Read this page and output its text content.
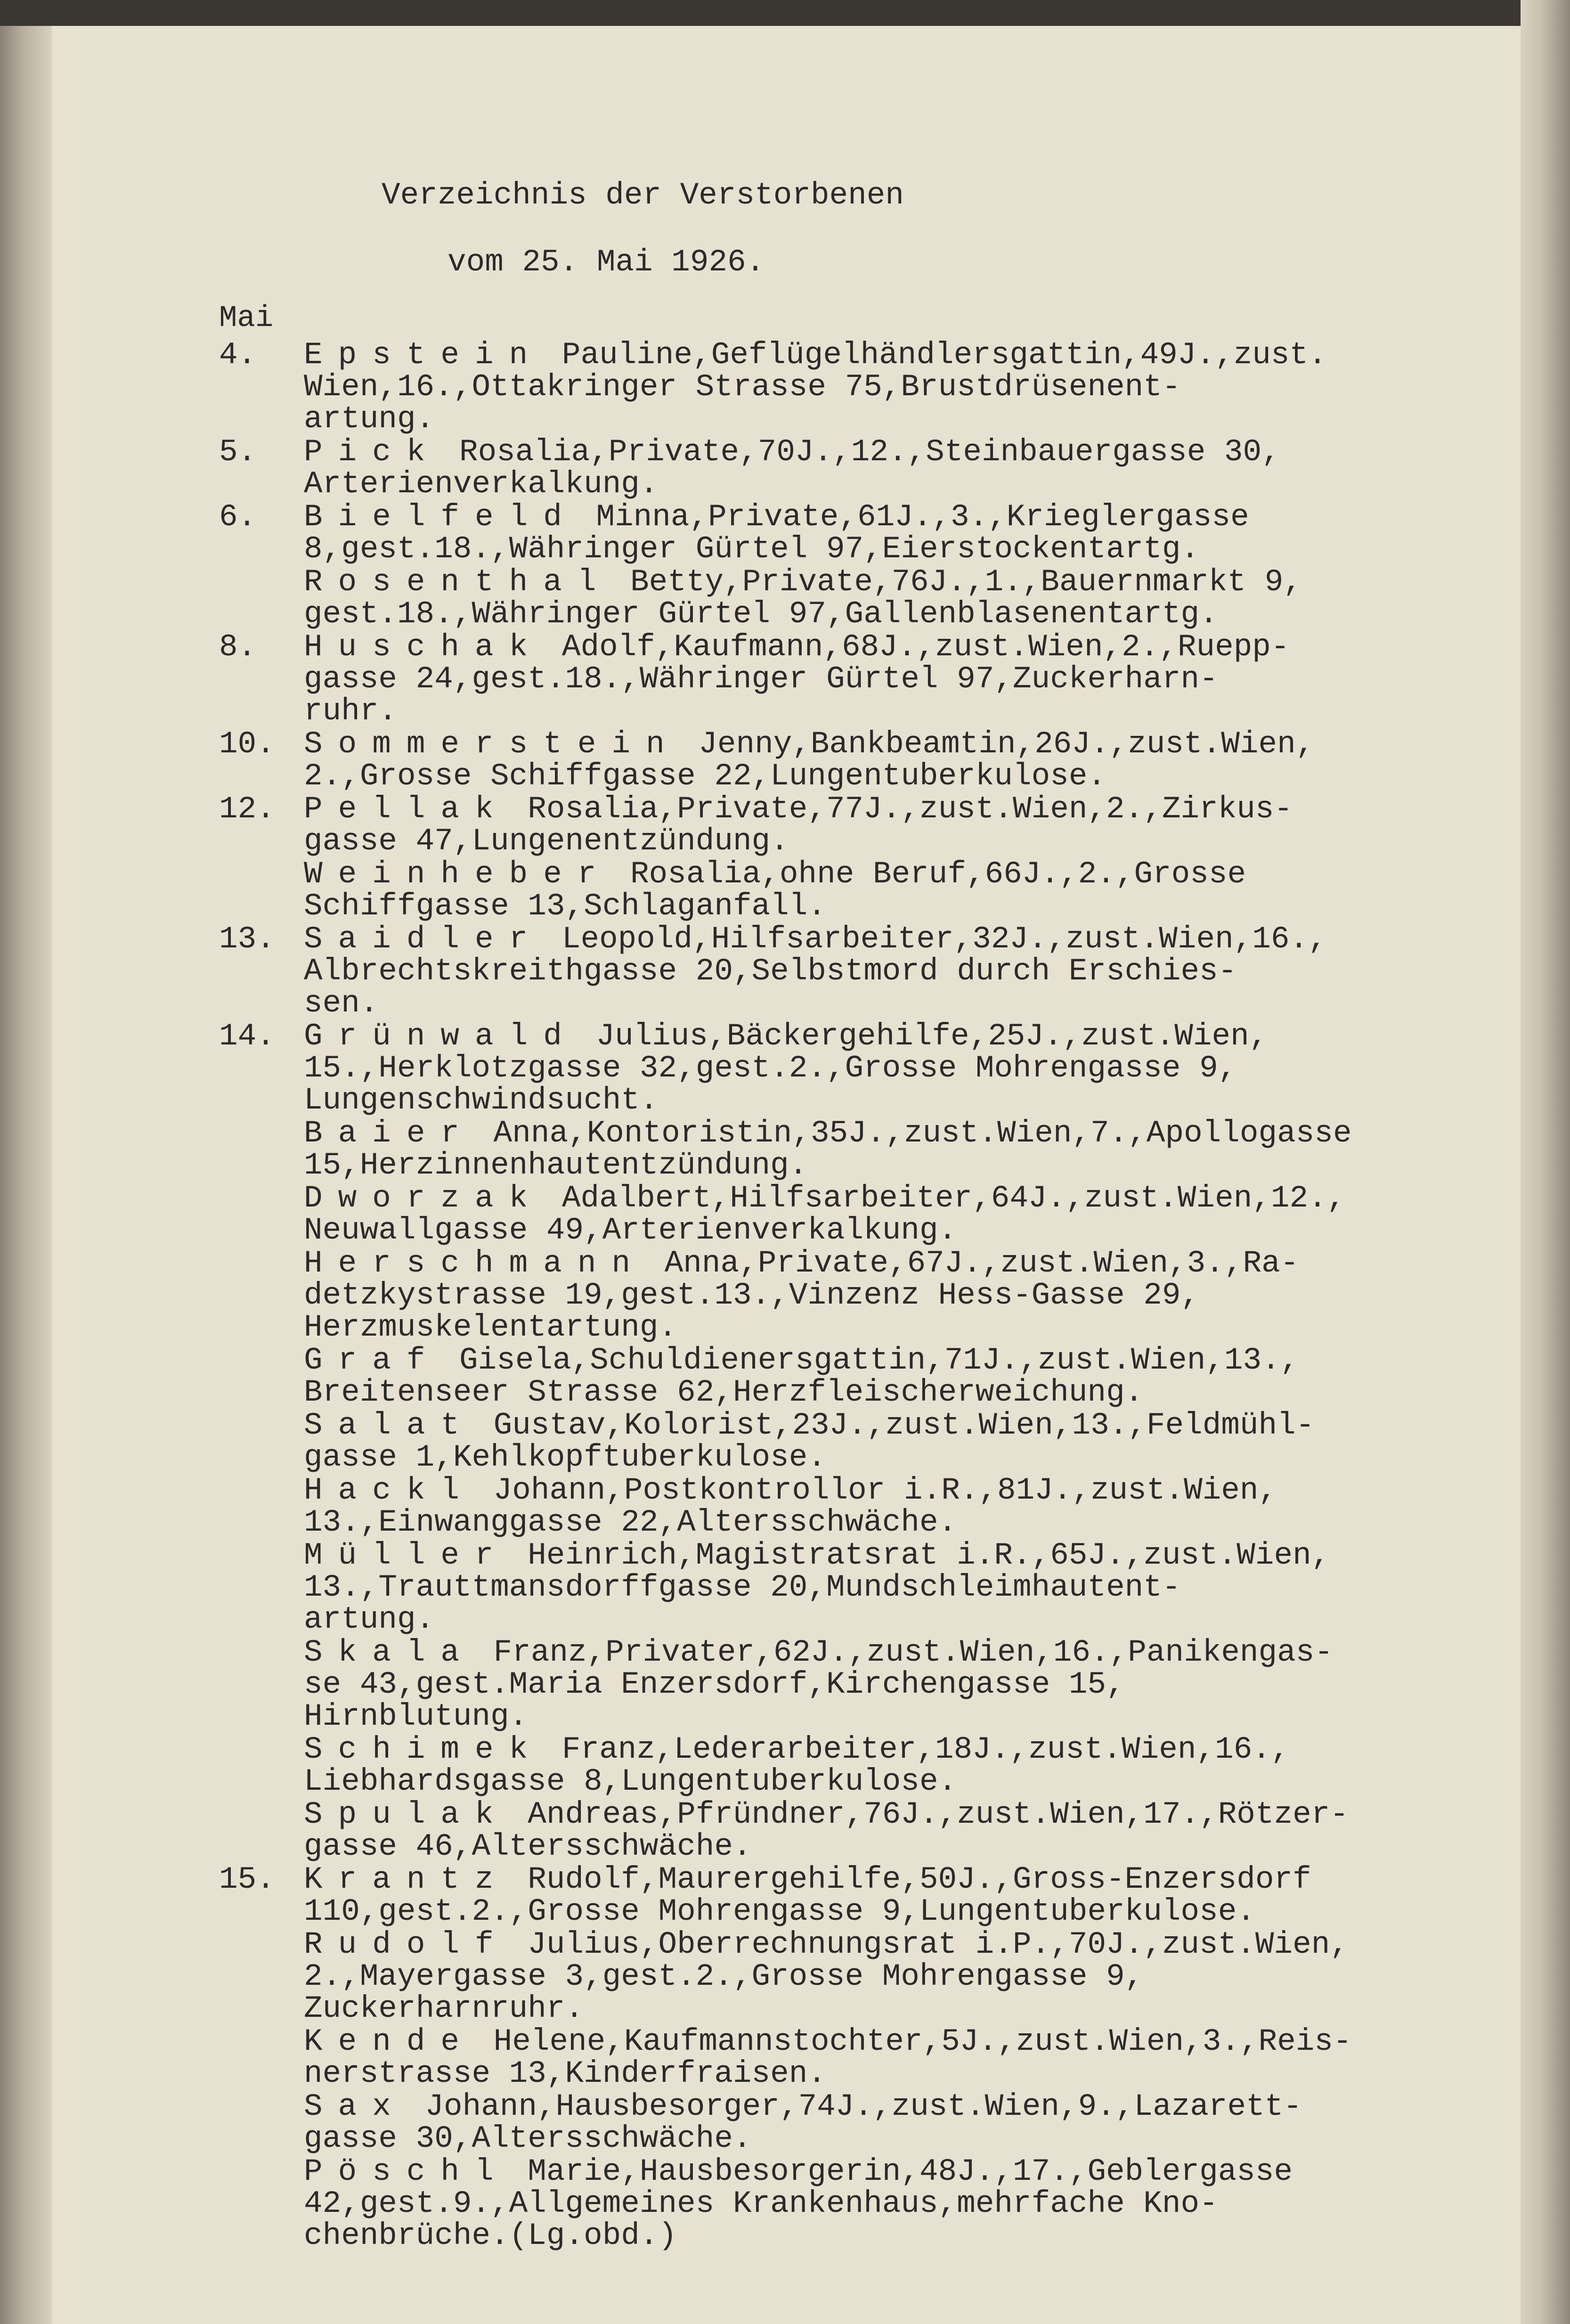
Verzeichnis der Verstorbenen
vom 25. Mai 1926.
Mai
4.	Epstein Pauline,Geflügelhändlersgattin,49J.,zust.
Wien,16.,Ottakringer Strasse 75,Brustdrüsenent-
artung.
5.	Pick Rosalia,Private,70J.,12.,Steinbauergasse 30,
Arterienverkalkung.
6.	Bielfeld Minna,Private,61J.,3.,Krieglergasse
8,gest.18.,Währinger Gürtel 97,Eierstockentartg.
Rosenthal Betty,Private,76J.,1.,Bauernmarkt 9,
gest.18.,Währinger Gürtel 97,Gallenblasenentartg.
8.	Huschak Adolf,Kaufmann,68J.,zust.Wien,2.,Ruepp-
gasse 24,gest.18.,Währinger Gürtel 97,Zuckerharn-
ruhr.
10. Sommerstein Jenny,Bankbeamtin,26J.,zust.Wien,
2.,Grosse Schiffgasse 22,Lungentuberkulose.
12. Pellak Rosalia,Private,77J.,zust.Wien,2.,Zirkus-
gasse 47,Lungenentzündung.
Weinheber Rosalia,ohne Beruf,66J.,2.,Grosse
Schiffgasse 13,Schlaganfall.
13. Saidler Leopold,Hilfsarbeiter,32J.,zust.Wien,16.,
Albrechtskreithgasse 20,Selbstmord durch Erschies-
sen.
14. Grünwald Julius,Bäckergehilfe,25J.,zust.Wien,
15.,Herklotzgasse 32,gest.2.,Grosse Mohrengasse 9,
Lungenschwindsucht.
Baier Anna,Kontoristin,35J.,zust.Wien,7.,Apollogasse
15,Herzinnenhautentzündung.
Dworzak Adalbert,Hilfsarbeiter,64J.,zust.Wien,12.,
Neuwallgasse 49,Arterienverkalkung.
Herschmann Anna,Private,67J.,zust.Wien,3.,Ra-
detzkystrasse 19,gest.13.,Vinzenz Hess-Gasse 29,
Herzmuskelentartung.
Graf Gisela,Schuldienersgattin,71J.,zust.Wien,13.,
Breitenseer Strasse 62,Herzfleischerweichung.
Salat Gustav,Kolorist,23J.,zust.Wien,13.,Feldmühl-
gasse 1,Kehlkopftuberkulose.
Hackl Johann,Postkontrollor i.R.,81J.,zust.Wien,
13.,Einwanggasse 22,Altersschwäche.
Müller Heinrich,Magistratsrat i.R.,65J.,zust.Wien,
13.,Trauttmansdorffgasse 20,Mundschleimhautent-
artung.
Skala Franz,Privater,62J.,zust.Wien,16.,Panikengas-
se 43,gest.Maria Enzersdorf,Kirchengasse 15,
Hirnblutung.
Schimek Franz,Lederarbeiter,18J.,zust.Wien,16.,
Liebhardsgasse 8,Lungentuberkulose.
Spulak Andreas,Pfründner,76J.,zust.Wien,17.,Rötzer-
gasse 46,Altersschwäche.
15. Krantz Rudolf,Maurergehilfe,50J.,Gross-Enzersdorf
110,gest.2.,Grosse Mohrengasse 9,Lungentuberkulose.
Rudolf Julius,Oberrechnungsrat i.P.,70J.,zust.Wien,
2.,Mayergasse 3,gest.2.,Grosse Mohrengasse 9,
Zuckerharnruhr.
Kende Helene,Kaufmannstochter,5J.,zust.Wien,3.,Reis-
nerstrasse 13,Kinderfraisen.
Sax Johann,Hausbesorger,74J.,zust.Wien,9.,Lazarett-
gasse 30,Altersschwäche.
Pöschl Marie,Hausbesorgerin,48J.,17.,Geblergasse
42,gest.9.,Allgemeines Krankenhaus,mehrfache Kno-
chenbrüche.(Lg.obd.)
